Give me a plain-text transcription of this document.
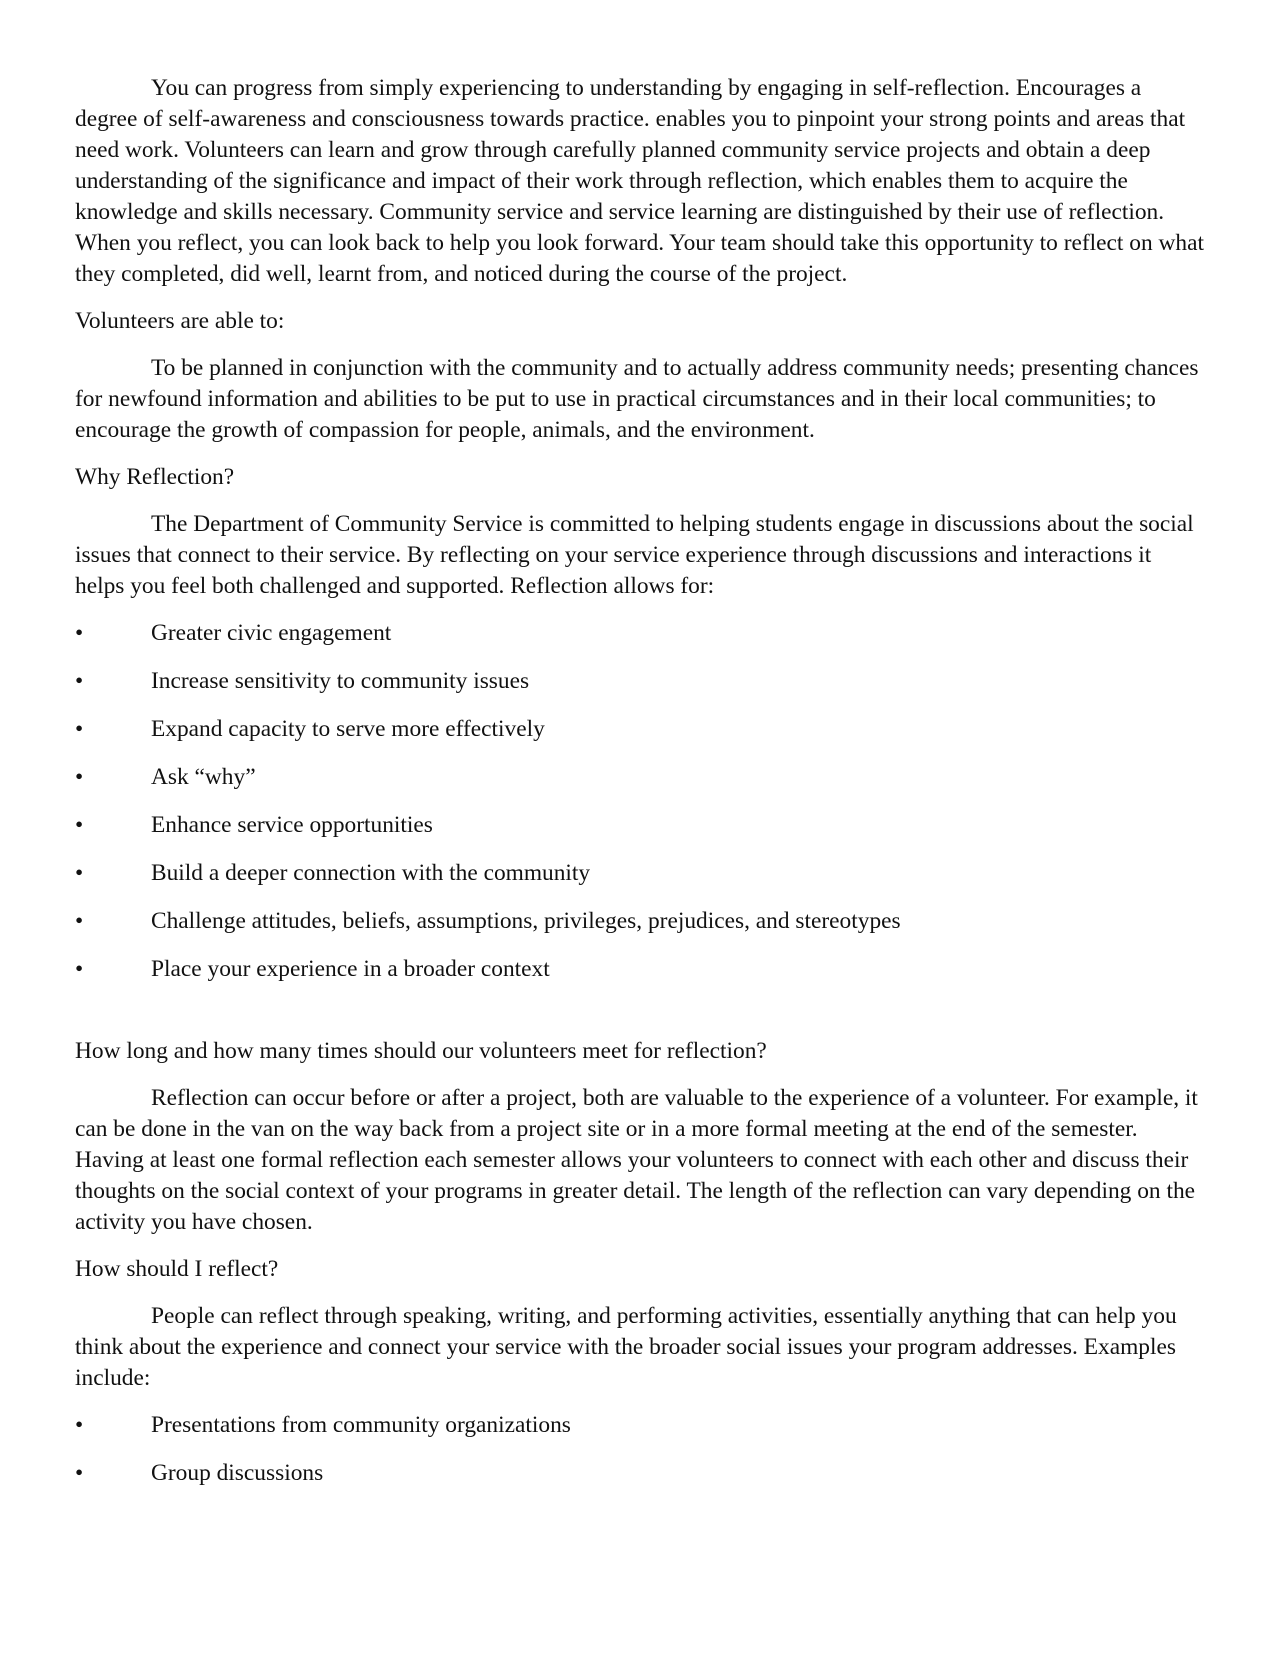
You can progress from simply experiencing to understanding by engaging in self-reflection. Encourages a degree of self-awareness and consciousness towards practice. enables you to pinpoint your strong points and areas that need work. Volunteers can learn and grow through carefully planned community service projects and obtain a deep understanding of the significance and impact of their work through reflection, which enables them to acquire the knowledge and skills necessary. Community service and service learning are distinguished by their use of reflection. When you reflect, you can look back to help you look forward. Your team should take this opportunity to reflect on what they completed, did well, learnt from, and noticed during the course of the project.

Volunteers are able to:

To be planned in conjunction with the community and to actually address community needs; presenting chances for newfound information and abilities to be put to use in practical circumstances and in their local communities; to encourage the growth of compassion for people, animals, and the environment.

Why Reflection?

The Department of Community Service is committed to helping students engage in discussions about the social issues that connect to their service. By reflecting on your service experience through discussions and interactions it helps you feel both challenged and supported. Reflection allows for:

•	Greater civic engagement
•	Increase sensitivity to community issues
•	Expand capacity to serve more effectively
•	Ask “why”
•	Enhance service opportunities
•	Build a deeper connection with the community
•	Challenge attitudes, beliefs, assumptions, privileges, prejudices, and stereotypes
•	Place your experience in a broader context

How long and how many times should our volunteers meet for reflection?

Reflection can occur before or after a project, both are valuable to the experience of a volunteer. For example, it can be done in the van on the way back from a project site or in a more formal meeting at the end of the semester. Having at least one formal reflection each semester allows your volunteers to connect with each other and discuss their thoughts on the social context of your programs in greater detail. The length of the reflection can vary depending on the activity you have chosen.

How should I reflect?

People can reflect through speaking, writing, and performing activities, essentially anything that can help you think about the experience and connect your service with the broader social issues your program addresses. Examples include:

•	Presentations from community organizations
•	Group discussions
